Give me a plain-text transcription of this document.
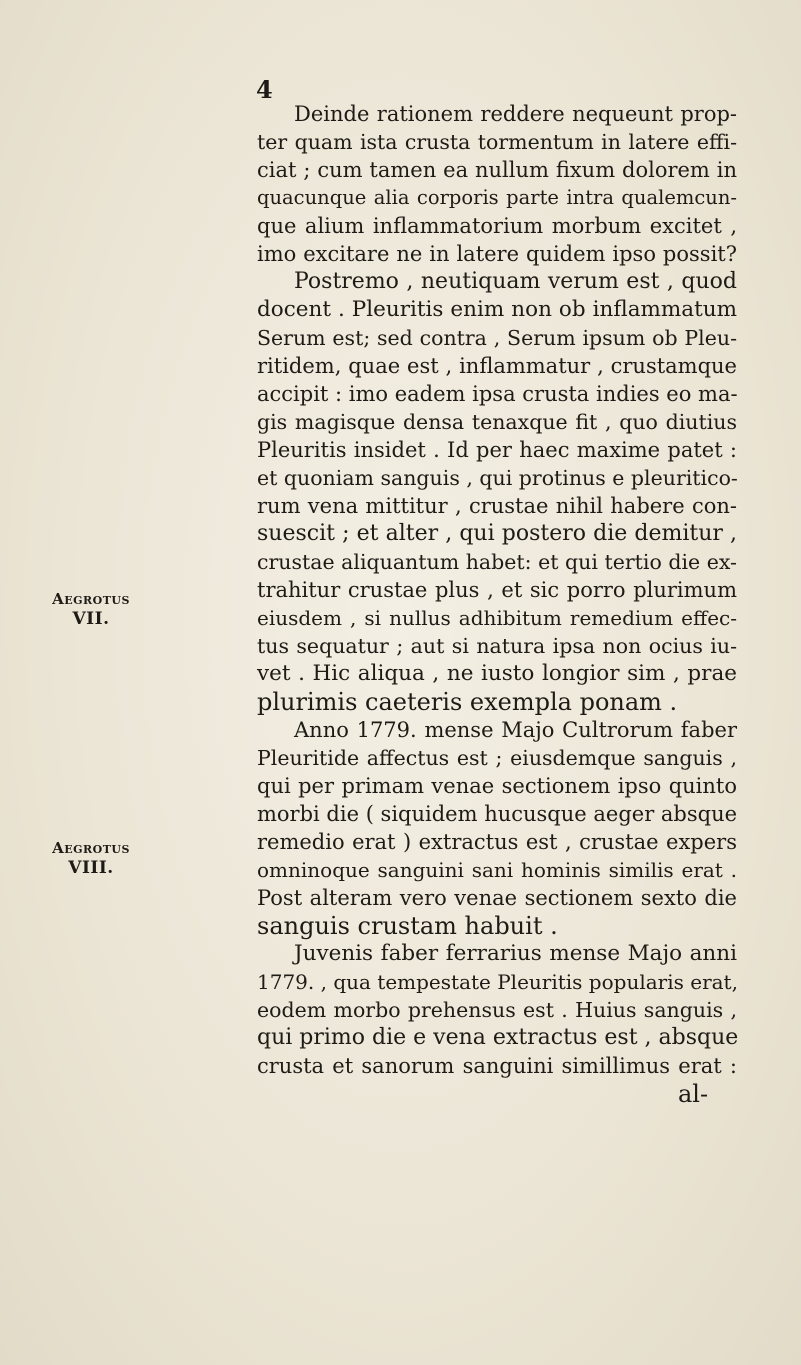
4
Aegrotus
VII.
Aegrotus
VIII.
Deinde rationem reddere nequeunt prop-
ter quam ista crusta tormentum in latere effi-
ciat ; cum tamen ea nullum fixum dolorem in
quacunque alia corporis parte intra qualemcun-
que alium inflammatorium morbum excitet ,
imo excitare ne in latere quidem ipso possit?
Postremo , neutiquam verum est , quod
docent . Pleuritis enim non ob inflammatum
Serum est; sed contra , Serum ipsum ob Pleu-
ritidem, quae est , inflammatur , crustamque
accipit : imo eadem ipsa crusta indies eo ma-
gis magisque densa tenaxque fit , quo diutius
Pleuritis insidet . Id per haec maxime patet :
et quoniam sanguis , qui protinus e pleuritico-
rum vena mittitur , crustae nihil habere con-
suescit ; et alter , qui postero die demitur ,
crustae aliquantum habet: et qui tertio die ex-
trahitur crustae plus , et sic porro plurimum
eiusdem , si nullus adhibitum remedium effec-
tus sequatur ; aut si natura ipsa non ocius iu-
vet . Hic aliqua , ne iusto longior sim , prae
plurimis caeteris exempla ponam .
Anno 1779. mense Majo Cultrorum faber
Pleuritide affectus est ; eiusdemque sanguis ,
qui per primam venae sectionem ipso quinto
morbi die ( siquidem hucusque aeger absque
remedio erat ) extractus est , crustae expers
omninoque sanguini sani hominis similis erat .
Post alteram vero venae sectionem sexto die
sanguis crustam habuit .
Juvenis faber ferrarius mense Majo anni
1779. , qua tempestate Pleuritis popularis erat,
eodem morbo prehensus est . Huius sanguis ,
qui primo die e vena extractus est , absque
crusta et sanorum sanguini simillimus erat :
al-
